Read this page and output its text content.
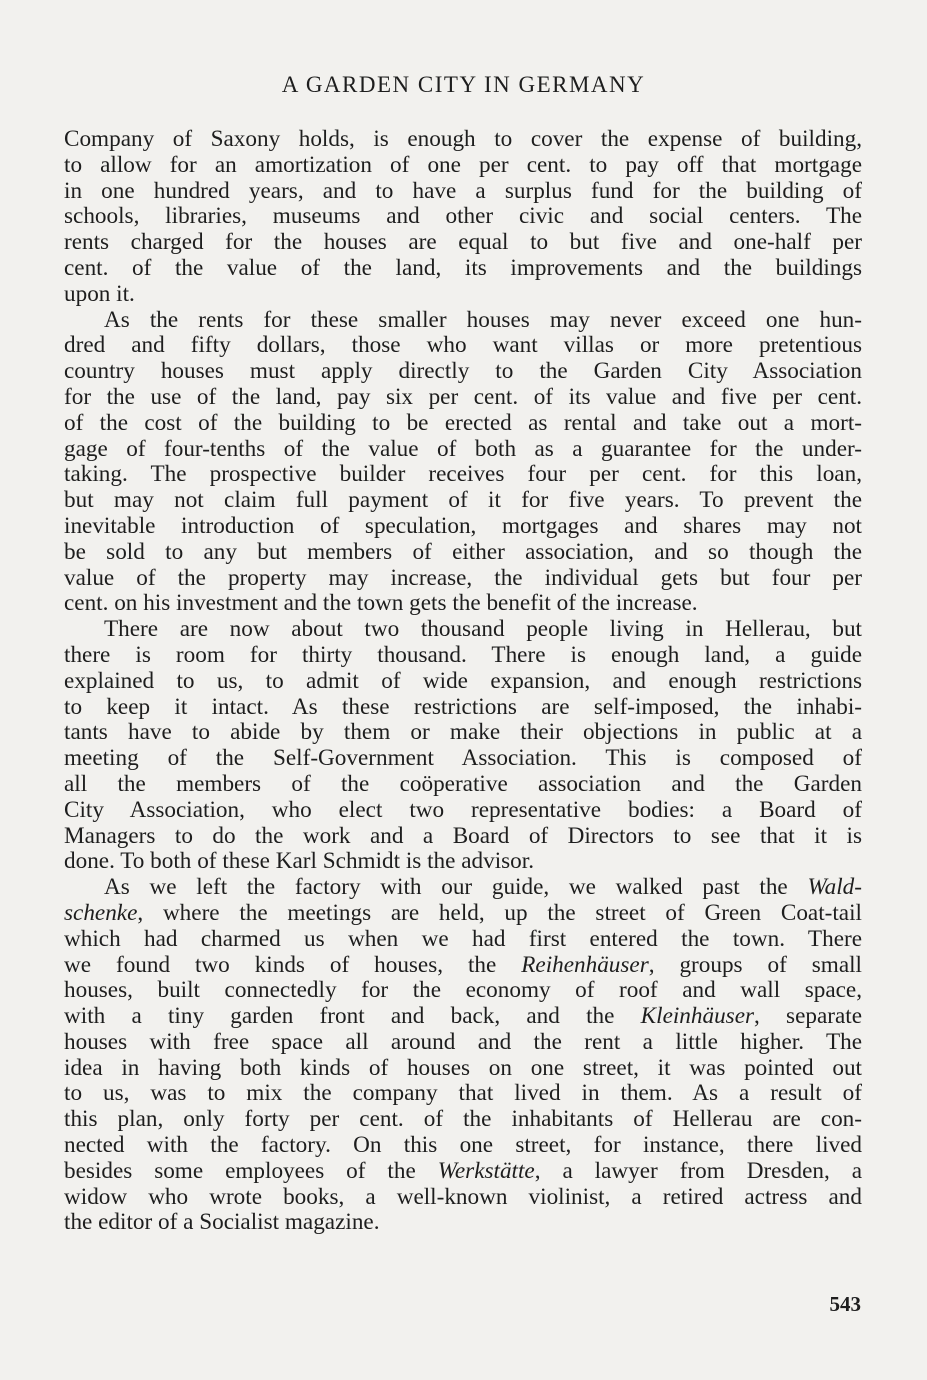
A GARDEN CITY IN GERMANY
Company of Saxony holds, is enough to cover the expense of building,
to allow for an amortization of one per cent. to pay off that mortgage
in one hundred years, and to have a surplus fund for the building of
schools, libraries, museums and other civic and social centers. The
rents charged for the houses are equal to but five and one-half per
cent. of the value of the land, its improvements and the buildings
upon it.
As the rents for these smaller houses may never exceed one hun-
dred and fifty dollars, those who want villas or more pretentious
country houses must apply directly to the Garden City Association
for the use of the land, pay six per cent. of its value and five per cent.
of the cost of the building to be erected as rental and take out a mort-
gage of four-tenths of the value of both as a guarantee for the under-
taking. The prospective builder receives four per cent. for this loan,
but may not claim full payment of it for five years. To prevent the
inevitable introduction of speculation, mortgages and shares may not
be sold to any but members of either association, and so though the
value of the property may increase, the individual gets but four per
cent. on his investment and the town gets the benefit of the increase.
There are now about two thousand people living in Hellerau, but
there is room for thirty thousand. There is enough land, a guide
explained to us, to admit of wide expansion, and enough restrictions
to keep it intact. As these restrictions are self-imposed, the inhabi-
tants have to abide by them or make their objections in public at a
meeting of the Self-Government Association. This is composed of
all the members of the coöperative association and the Garden
City Association, who elect two representative bodies: a Board of
Managers to do the work and a Board of Directors to see that it is
done. To both of these Karl Schmidt is the advisor.
As we left the factory with our guide, we walked past the Wald-
schenke, where the meetings are held, up the street of Green Coat-tail
which had charmed us when we had first entered the town. There
we found two kinds of houses, the Reihenhäuser, groups of small
houses, built connectedly for the economy of roof and wall space,
with a tiny garden front and back, and the Kleinhäuser, separate
houses with free space all around and the rent a little higher. The
idea in having both kinds of houses on one street, it was pointed out
to us, was to mix the company that lived in them. As a result of
this plan, only forty per cent. of the inhabitants of Hellerau are con-
nected with the factory. On this one street, for instance, there lived
besides some employees of the Werkstätte, a lawyer from Dresden, a
widow who wrote books, a well-known violinist, a retired actress and
the editor of a Socialist magazine.
543
